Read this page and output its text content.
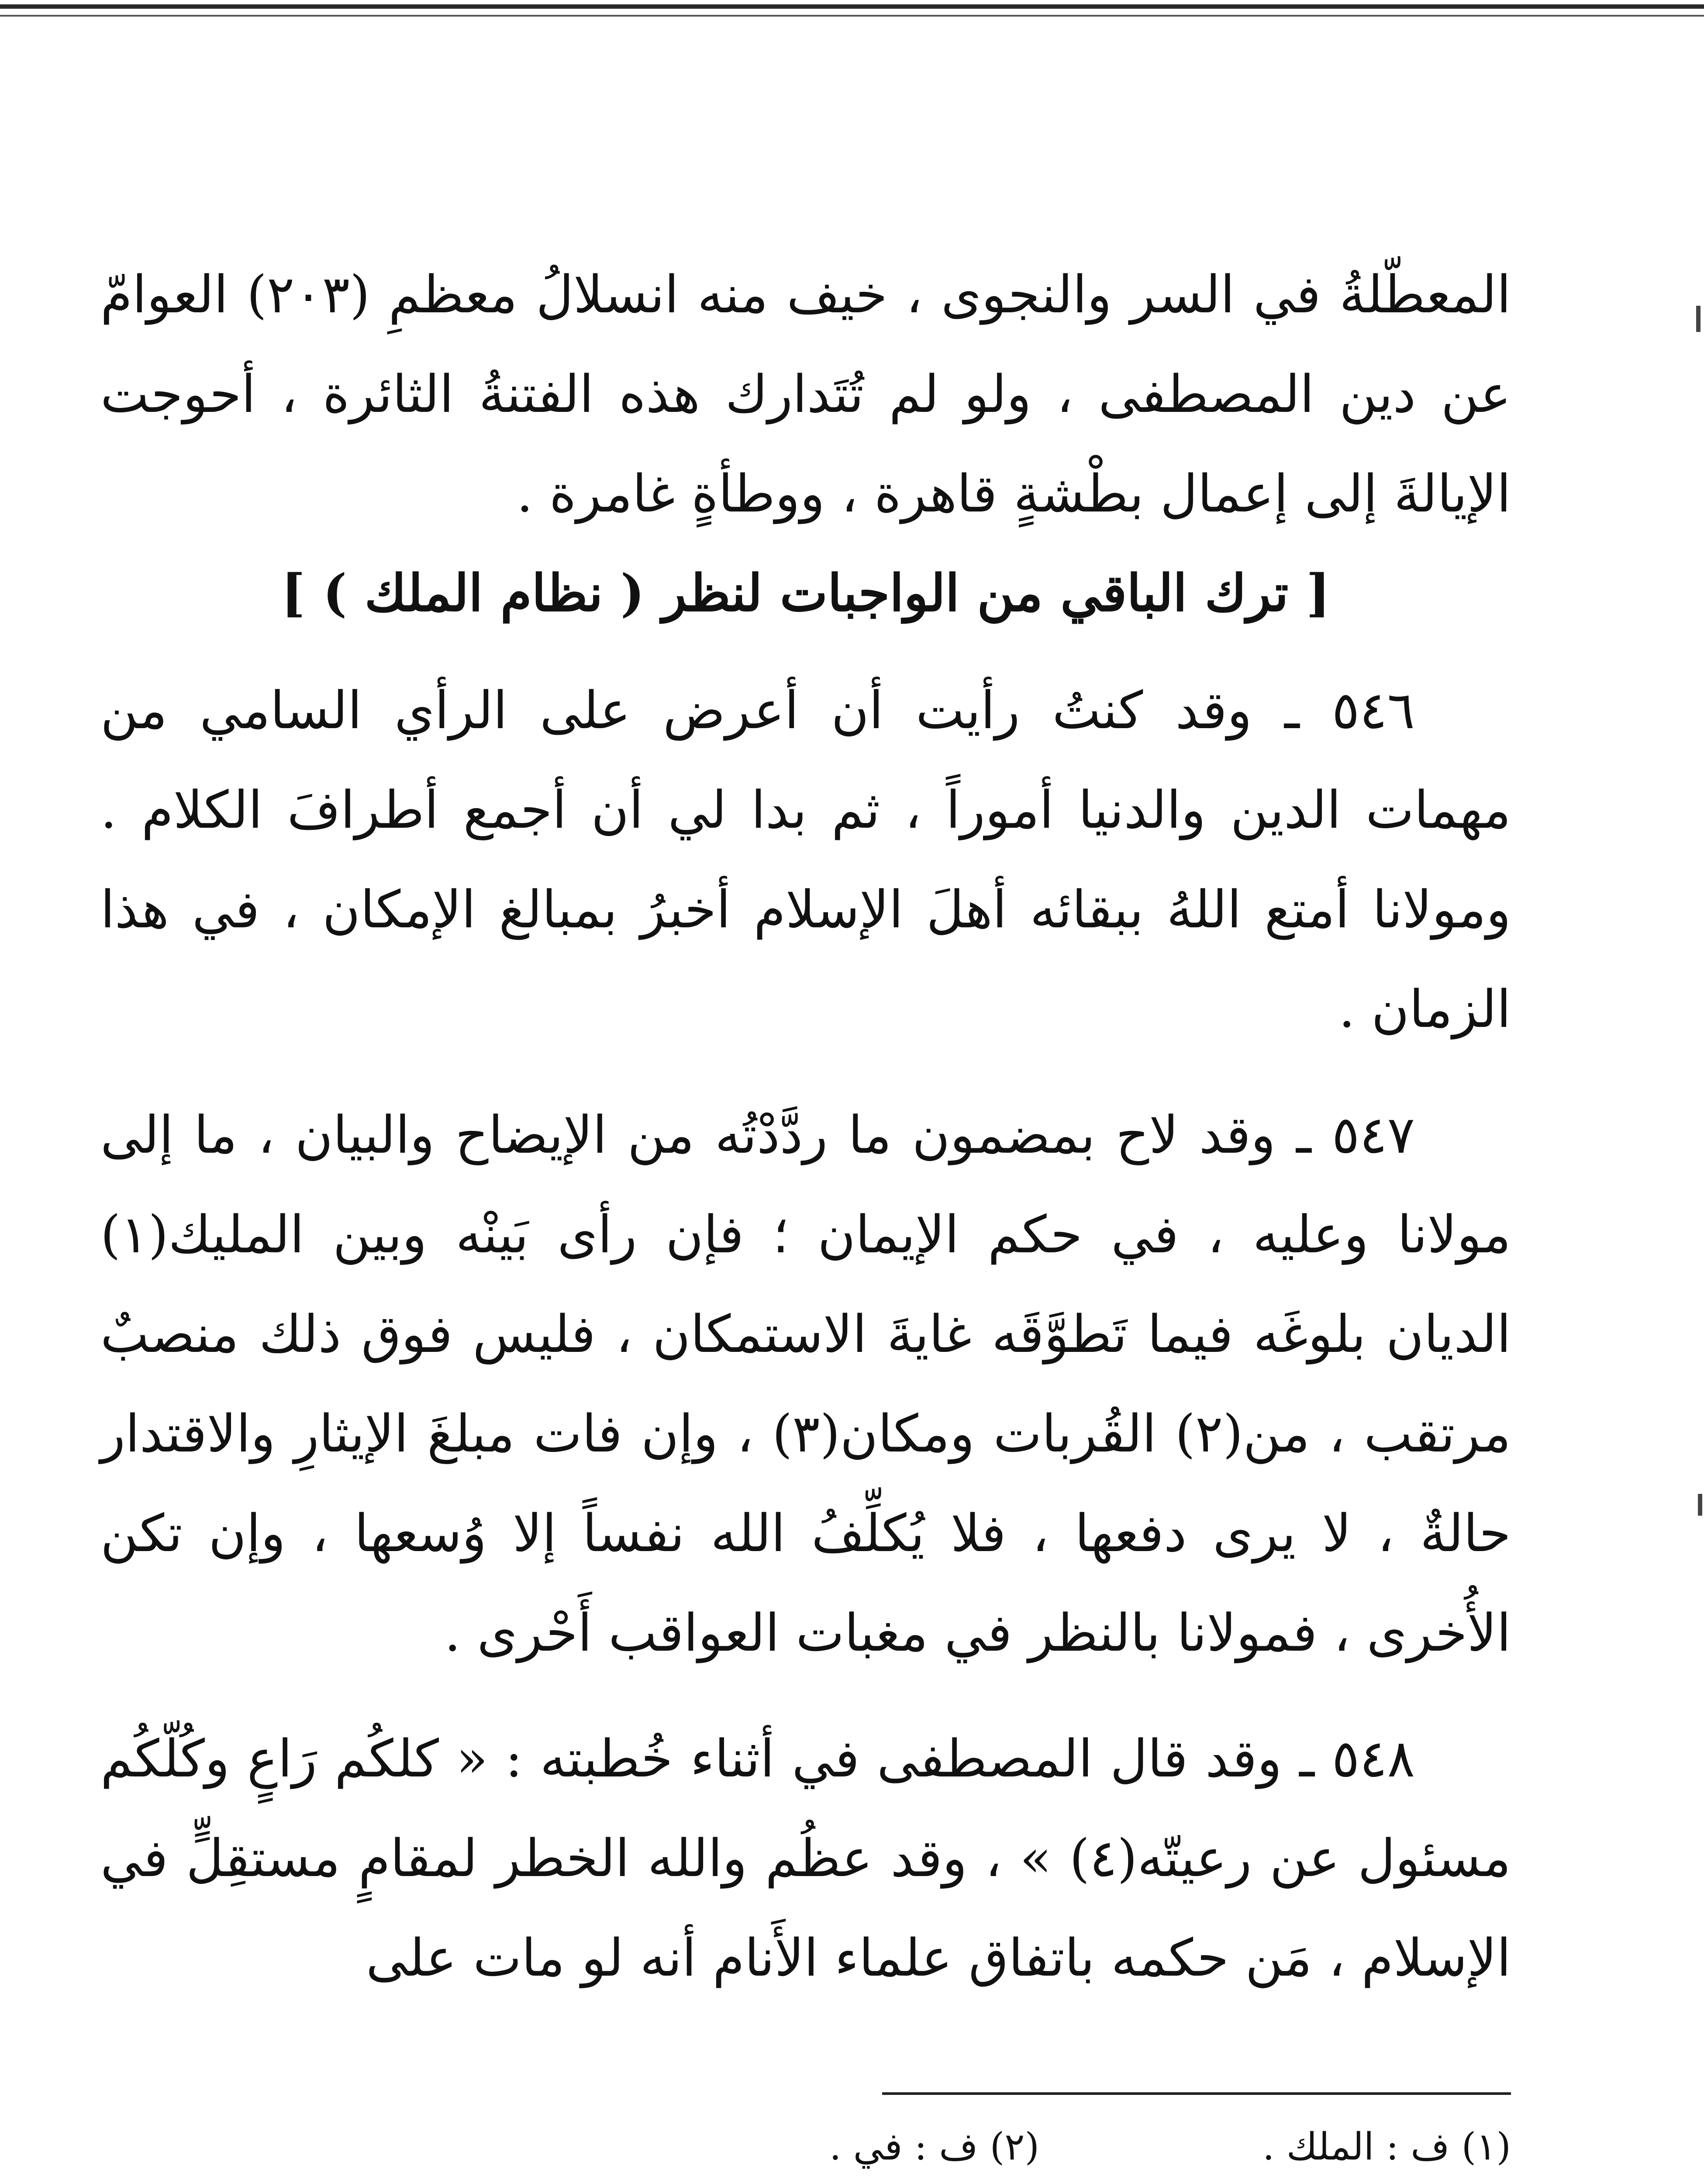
المعطّلةُ في السر والنجوى ، خيف منه انسلالُ معظمِ (٢٠٣) العوامّ عن دين المصطفى ، ولو لم تُتَدارك هذه الفتنةُ الثائرة ، أحوجت الإيالةَ إلى إعمال بطْشةٍ قاهرة ، ووطأةٍ غامرة .

[ ترك الباقي من الواجبات لنظر ( نظام الملك ) ]

٥٤٦ ـ وقد كنتُ رأيت أن أعرض على الرأي السامي من مهمات الدين والدنيا أموراً ، ثم بدا لي أن أجمع أطرافَ الكلام . ومولانا أمتع اللهُ ببقائه أهلَ الإسلام أخبرُ بمبالغ الإمكان ، في هذا الزمان .

٥٤٧ ـ وقد لاح بمضمون ما ردَّدْتُه من الإيضاح والبيان ، ما إلى مولانا وعليه ، في حكم الإيمان ؛ فإن رأى بَينْه وبين المليك(١) الديان بلوغَه فيما تَطوَّقَه غايةَ الاستمكان ، فليس فوق ذلك منصبٌ مرتقب ، من(٢) القُربات ومكان(٣) ، وإن فات مبلغَ الإيثارِ والاقتدار حالةٌ ، لا يرى دفعها ، فلا يُكلِّفُ الله نفساً إلا وُسعها ، وإن تكن الأُخرى ، فمولانا بالنظر في مغبات العواقب أَحْرى .

٥٤٨ ـ وقد قال المصطفى في أثناء خُطبته : « كلكُم رَاعٍ وكُلّكُم مسئول عن رعيتّه(٤) » ، وقد عظُم والله الخطر لمقامٍ مستقِلٍّ في الإسلام ، مَن حكمه باتفاق علماء الأَنام أنه لو مات على

(١) ف : الملك .
(٢) ف : في .
